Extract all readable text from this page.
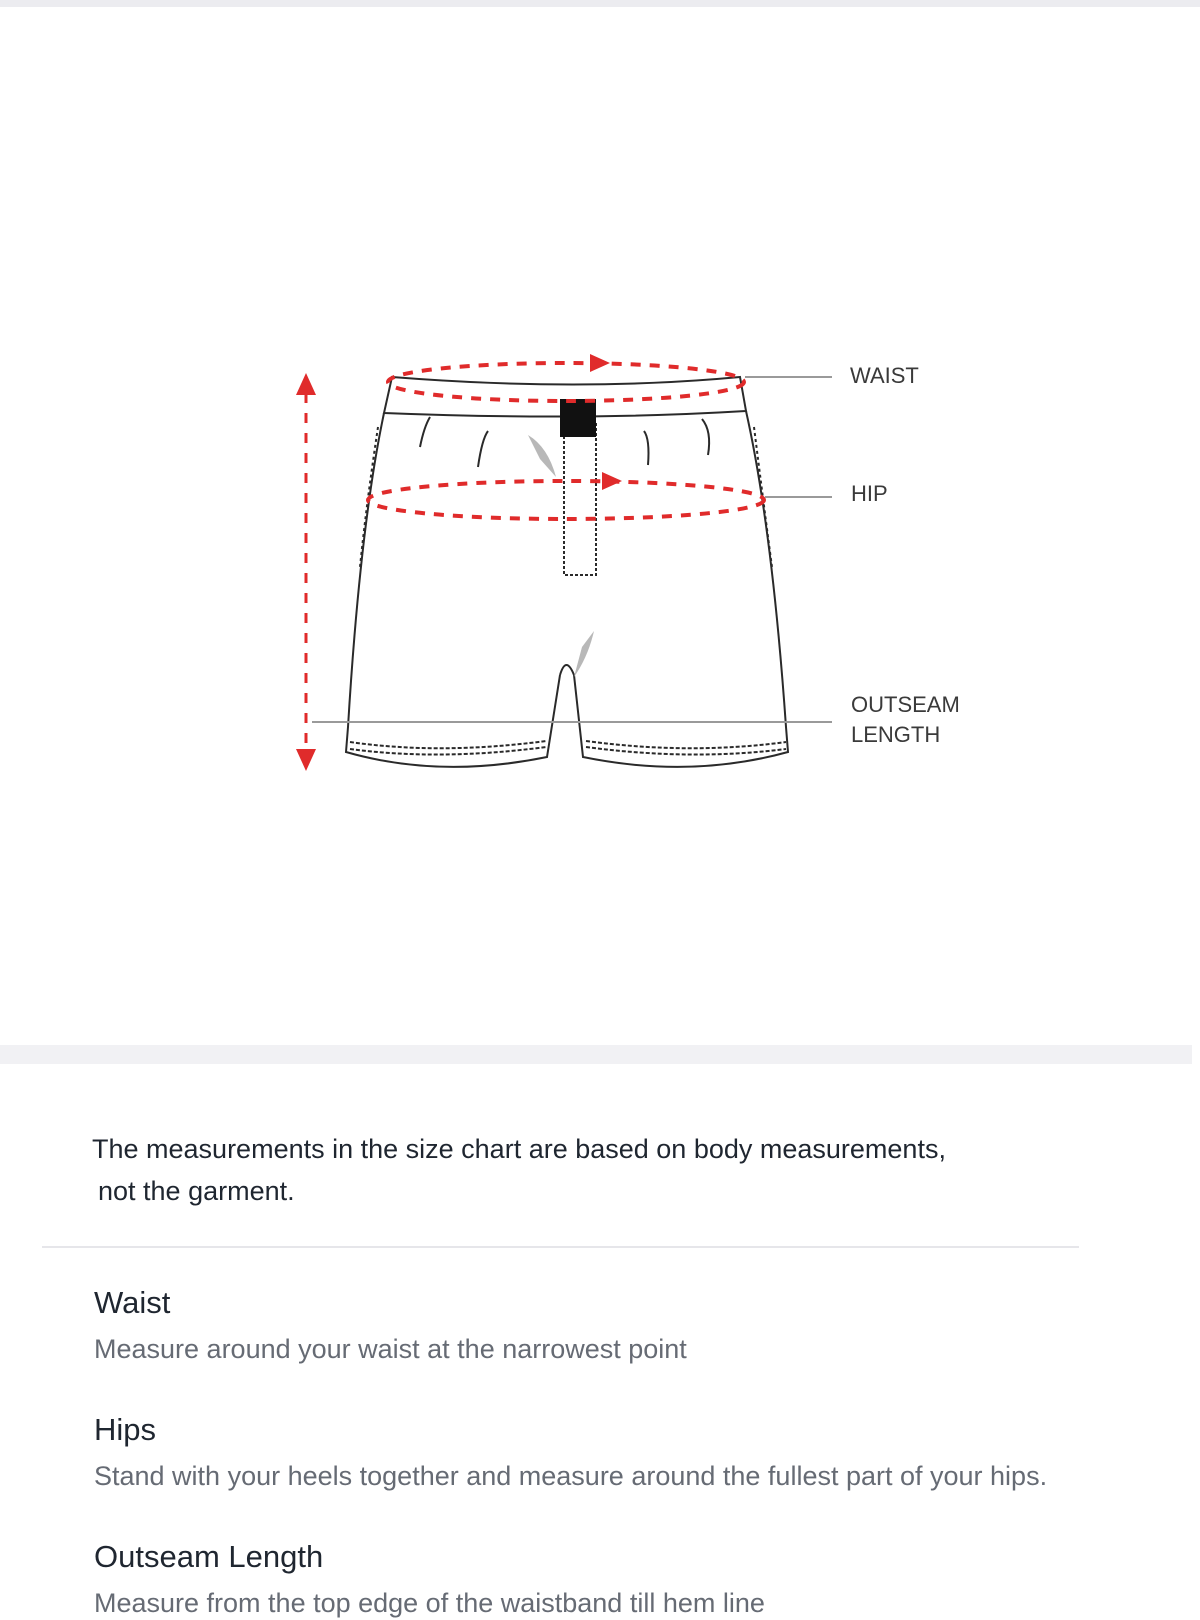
WAIST
HIP
OUTSEAM
LENGTH
The measurements in the size chart are based on body measurements,
not the garment.
Waist
Measure around your waist at the narrowest point
Hips
Stand with your heels together and measure around the fullest part of your hips.
Outseam Length
Measure from the top edge of the waistband till hem line
